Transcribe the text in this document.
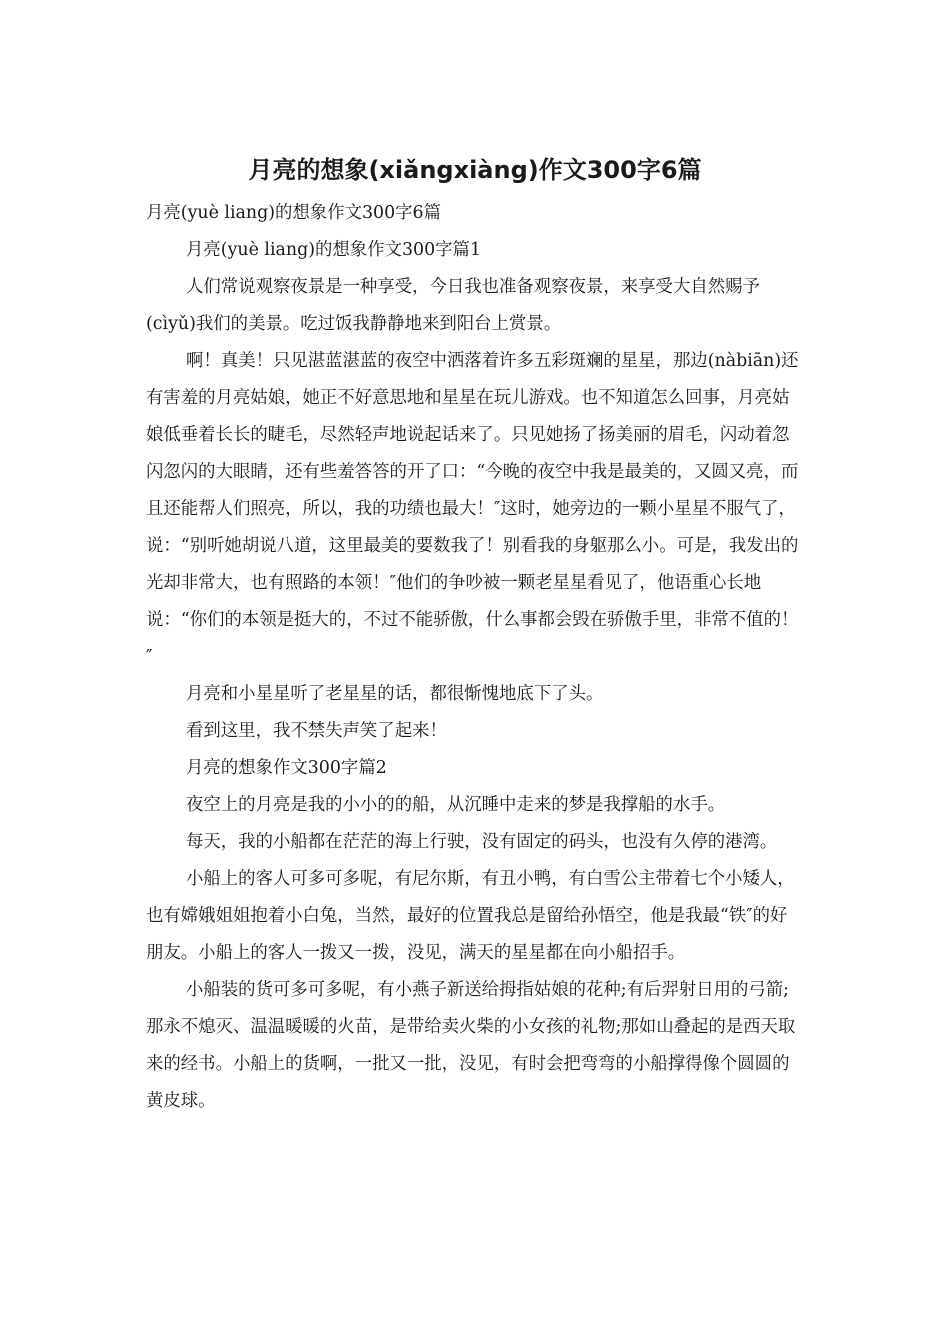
月亮的想象(xiǎngxiàng)作文300字6篇

月亮(yuè liang)的想象作文300字6篇

月亮(yuè liang)的想象作文300字篇1

人们常说观察夜景是一种享受，今日我也准备观察夜景，来享受大自然赐予(cìyǔ)我们的美景。吃过饭我静静地来到阳台上赏景。

啊！真美！只见湛蓝湛蓝的夜空中洒落着许多五彩斑斓的星星，那边(nàbiān)还有害羞的月亮姑娘，她正不好意思地和星星在玩儿游戏。也不知道怎么回事，月亮姑娘低垂着长长的睫毛，尽然轻声地说起话来了。只见她扬了扬美丽的眉毛，闪动着忽闪忽闪的大眼睛，还有些羞答答的开了口：“今晚的夜空中我是最美的，又圆又亮，而且还能帮人们照亮，所以，我的功绩也最大！″这时，她旁边的一颗小星星不服气了，说：“别听她胡说八道，这里最美的要数我了！别看我的身躯那么小。可是，我发出的光却非常大，也有照路的本领！″他们的争吵被一颗老星星看见了，他语重心长地说：“你们的本领是挺大的，不过不能骄傲，什么事都会毁在骄傲手里，非常不值的！″

月亮和小星星听了老星星的话，都很惭愧地底下了头。

看到这里，我不禁失声笑了起来！

月亮的想象作文300字篇2

夜空上的月亮是我的小小的的船，从沉睡中走来的梦是我撑船的水手。

每天，我的小船都在茫茫的海上行驶，没有固定的码头，也没有久停的港湾。

小船上的客人可多可多呢，有尼尔斯，有丑小鸭，有白雪公主带着七个小矮人，也有嫦娥姐姐抱着小白兔，当然，最好的位置我总是留给孙悟空，他是我最“铁″的好朋友。小船上的客人一拨又一拨，没见，满天的星星都在向小船招手。

小船装的货可多可多呢，有小燕子新送给拇指姑娘的花种;有后羿射日用的弓箭;那永不熄灭、温温暖暖的火苗，是带给卖火柴的小女孩的礼物;那如山叠起的是西天取来的经书。小船上的货啊，一批又一批，没见，有时会把弯弯的小船撑得像个圆圆的黄皮球。
